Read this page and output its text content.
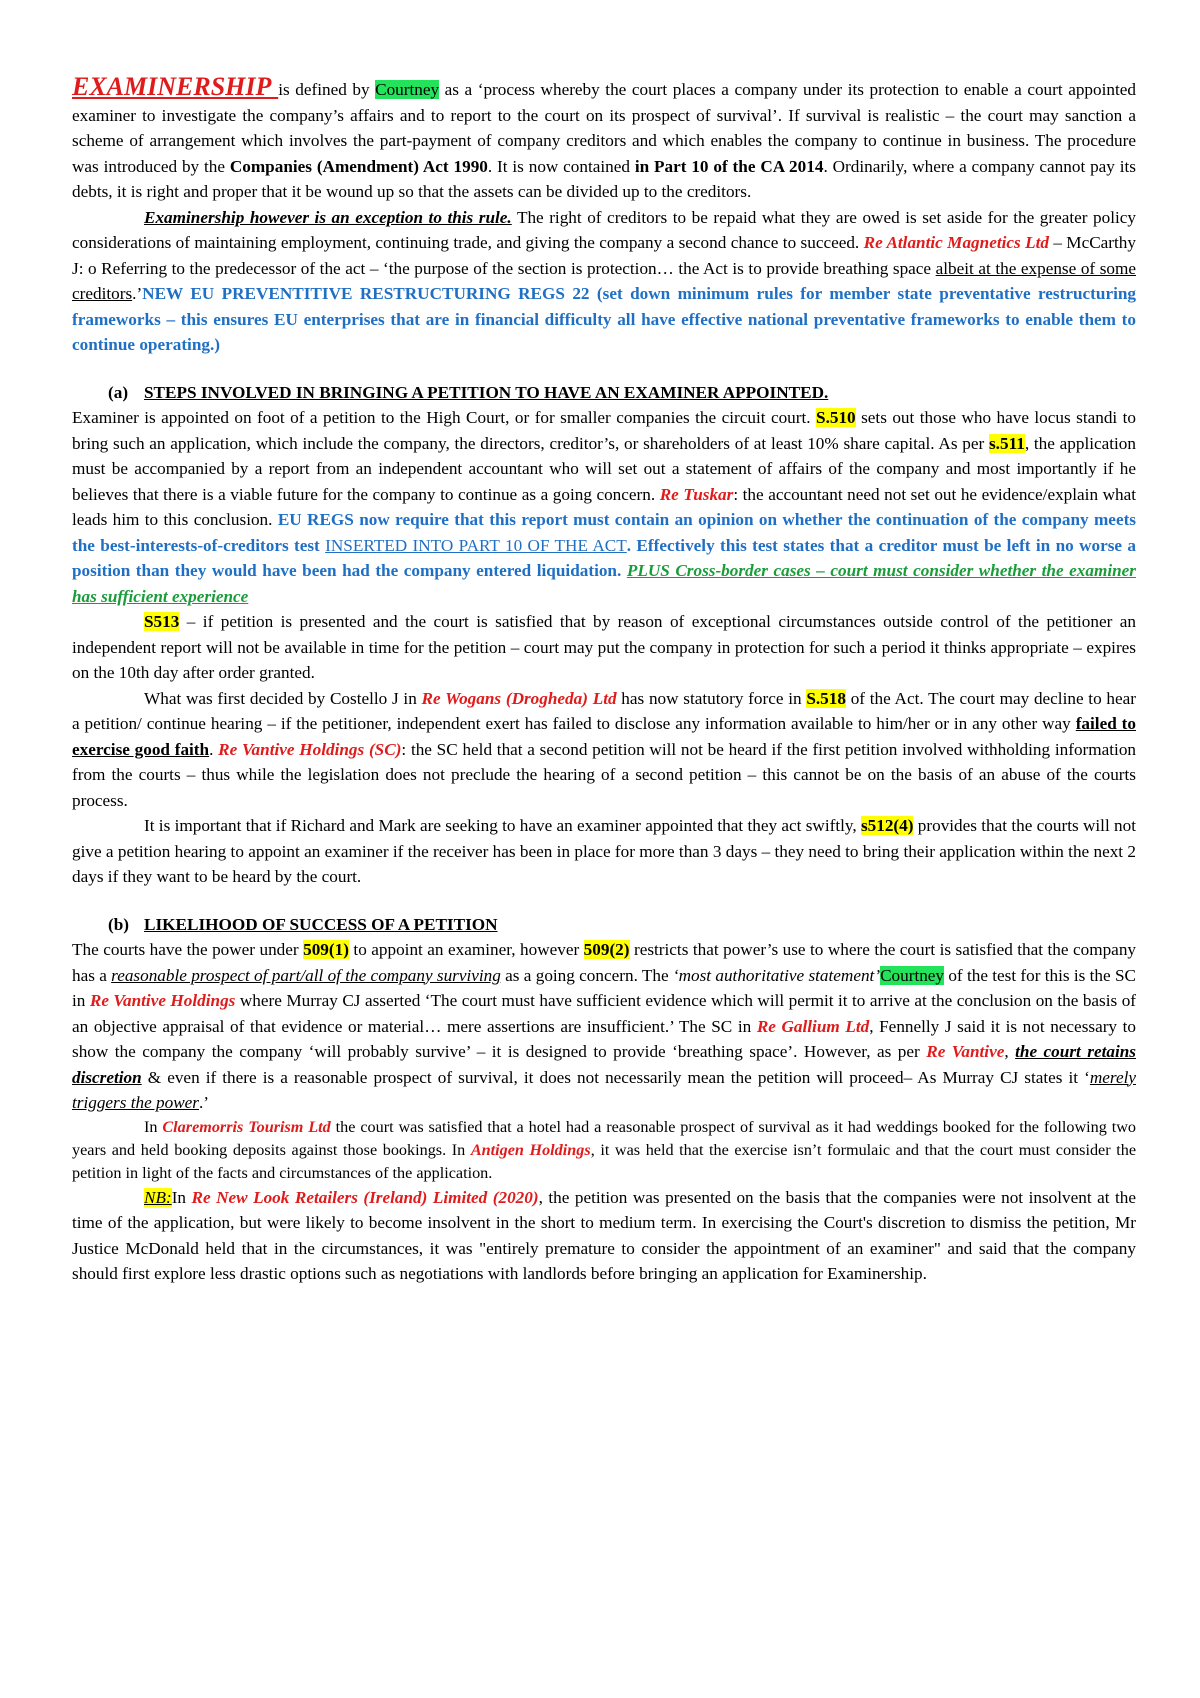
EXAMINERSHIP is defined by Courtney as a ‘process whereby the court places a company under its protection to enable a court appointed examiner to investigate the company’s affairs and to report to the court on its prospect of survival’. If survival is realistic – the court may sanction a scheme of arrangement which involves the part-payment of company creditors and which enables the company to continue in business. The procedure was introduced by the Companies (Amendment) Act 1990. It is now contained in Part 10 of the CA 2014. Ordinarily, where a company cannot pay its debts, it is right and proper that it be wound up so that the assets can be divided up to the creditors.

Examinership however is an exception to this rule. The right of creditors to be repaid what they are owed is set aside for the greater policy considerations of maintaining employment, continuing trade, and giving the company a second chance to succeed. Re Atlantic Magnetics Ltd – McCarthy J: o Referring to the predecessor of the act – ‘the purpose of the section is protection… the Act is to provide breathing space albeit at the expense of some creditors.’NEW EU PREVENTITIVE RESTRUCTURING REGS 22 (set down minimum rules for member state preventative restructuring frameworks – this ensures EU enterprises that are in financial difficulty all have effective national preventative frameworks to enable them to continue operating.)

(a) STEPS INVOLVED IN BRINGING A PETITION TO HAVE AN EXAMINER APPOINTED.

Examiner is appointed on foot of a petition to the High Court, or for smaller companies the circuit court. S.510 sets out those who have locus standi to bring such an application, which include the company, the directors, creditor’s, or shareholders of at least 10% share capital. As per s.511, the application must be accompanied by a report from an independent accountant who will set out a statement of affairs of the company and most importantly if he believes that there is a viable future for the company to continue as a going concern. Re Tuskar: the accountant need not set out he evidence/explain what leads him to this conclusion. EU REGS now require that this report must contain an opinion on whether the continuation of the company meets the best-interests-of-creditors test INSERTED INTO PART 10 OF THE ACT. Effectively this test states that a creditor must be left in no worse a position than they would have been had the company entered liquidation. PLUS Cross-border cases – court must consider whether the examiner has sufficient experience

S513 – if petition is presented and the court is satisfied that by reason of exceptional circumstances outside control of the petitioner an independent report will not be available in time for the petition – court may put the company in protection for such a period it thinks appropriate – expires on the 10th day after order granted.

What was first decided by Costello J in Re Wogans (Drogheda) Ltd has now statutory force in S.518 of the Act. The court may decline to hear a petition/ continue hearing – if the petitioner, independent exert has failed to disclose any information available to him/her or in any other way failed to exercise good faith. Re Vantive Holdings (SC): the SC held that a second petition will not be heard if the first petition involved withholding information from the courts – thus while the legislation does not preclude the hearing of a second petition – this cannot be on the basis of an abuse of the courts process.

It is important that if Richard and Mark are seeking to have an examiner appointed that they act swiftly, s512(4) provides that the courts will not give a petition hearing to appoint an examiner if the receiver has been in place for more than 3 days – they need to bring their application within the next 2 days if they want to be heard by the court.

(b) LIKELIHOOD OF SUCCESS OF A PETITION

The courts have the power under 509(1) to appoint an examiner, however 509(2) restricts that power’s use to where the court is satisfied that the company has a reasonable prospect of part/all of the company surviving as a going concern. The ‘most authoritative statement’Courtney of the test for this is the SC in Re Vantive Holdings where Murray CJ asserted ‘The court must have sufficient evidence which will permit it to arrive at the conclusion on the basis of an objective appraisal of that evidence or material… mere assertions are insufficient.’ The SC in Re Gallium Ltd, Fennelly J said it is not necessary to show the company the company ‘will probably survive’ – it is designed to provide ‘breathing space’. However, as per Re Vantive, the court retains discretion & even if there is a reasonable prospect of survival, it does not necessarily mean the petition will proceed– As Murray CJ states it ‘merely triggers the power.’

In Claremorris Tourism Ltd the court was satisfied that a hotel had a reasonable prospect of survival as it had weddings booked for the following two years and held booking deposits against those bookings. In Antigen Holdings, it was held that the exercise isn’t formulaic and that the court must consider the petition in light of the facts and circumstances of the application.

NB:In Re New Look Retailers (Ireland) Limited (2020), the petition was presented on the basis that the companies were not insolvent at the time of the application, but were likely to become insolvent in the short to medium term. In exercising the Court's discretion to dismiss the petition, Mr Justice McDonald held that in the circumstances, it was "entirely premature to consider the appointment of an examiner" and said that the company should first explore less drastic options such as negotiations with landlords before bringing an application for Examinership.
